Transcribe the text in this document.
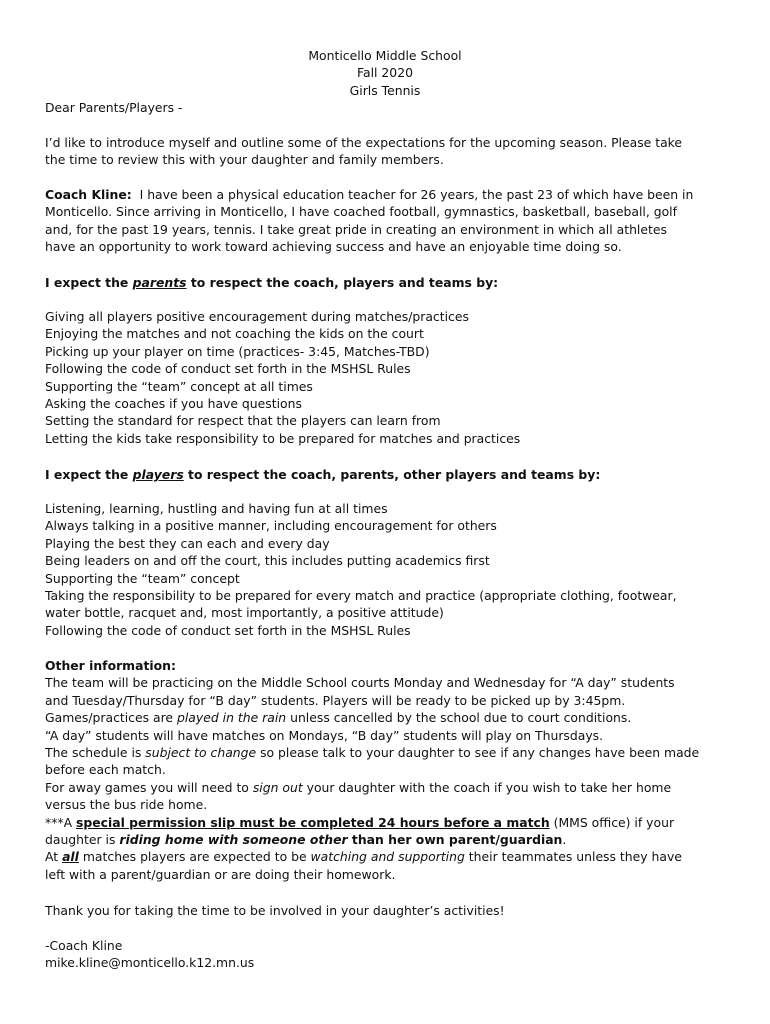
Monticello Middle School
Fall 2020
Girls Tennis
Dear Parents/Players -
I’d like to introduce myself and outline some of the expectations for the upcoming season. Please take
the time to review this with your daughter and family members.
Coach Kline:  I have been a physical education teacher for 26 years, the past 23 of which have been in
Monticello. Since arriving in Monticello, I have coached football, gymnastics, basketball, baseball, golf
and, for the past 19 years, tennis. I take great pride in creating an environment in which all athletes
have an opportunity to work toward achieving success and have an enjoyable time doing so.
I expect the parents to respect the coach, players and teams by:
Giving all players positive encouragement during matches/practices
Enjoying the matches and not coaching the kids on the court
Picking up your player on time (practices- 3:45, Matches-TBD)
Following the code of conduct set forth in the MSHSL Rules
Supporting the “team” concept at all times
Asking the coaches if you have questions
Setting the standard for respect that the players can learn from
Letting the kids take responsibility to be prepared for matches and practices
I expect the players to respect the coach, parents, other players and teams by:
Listening, learning, hustling and having fun at all times
Always talking in a positive manner, including encouragement for others
Playing the best they can each and every day
Being leaders on and off the court, this includes putting academics first
Supporting the “team” concept
Taking the responsibility to be prepared for every match and practice (appropriate clothing, footwear,
water bottle, racquet and, most importantly, a positive attitude)
Following the code of conduct set forth in the MSHSL Rules
Other information:
The team will be practicing on the Middle School courts Monday and Wednesday for “A day” students
and Tuesday/Thursday for “B day” students. Players will be ready to be picked up by 3:45pm.
Games/practices are played in the rain unless cancelled by the school due to court conditions.
“A day” students will have matches on Mondays, “B day” students will play on Thursdays.
The schedule is subject to change so please talk to your daughter to see if any changes have been made
before each match.
For away games you will need to sign out your daughter with the coach if you wish to take her home
versus the bus ride home.
***A special permission slip must be completed 24 hours before a match (MMS office) if your
daughter is riding home with someone other than her own parent/guardian.
At all matches players are expected to be watching and supporting their teammates unless they have
left with a parent/guardian or are doing their homework.
Thank you for taking the time to be involved in your daughter’s activities!
-Coach Kline
mike.kline@monticello.k12.mn.us
